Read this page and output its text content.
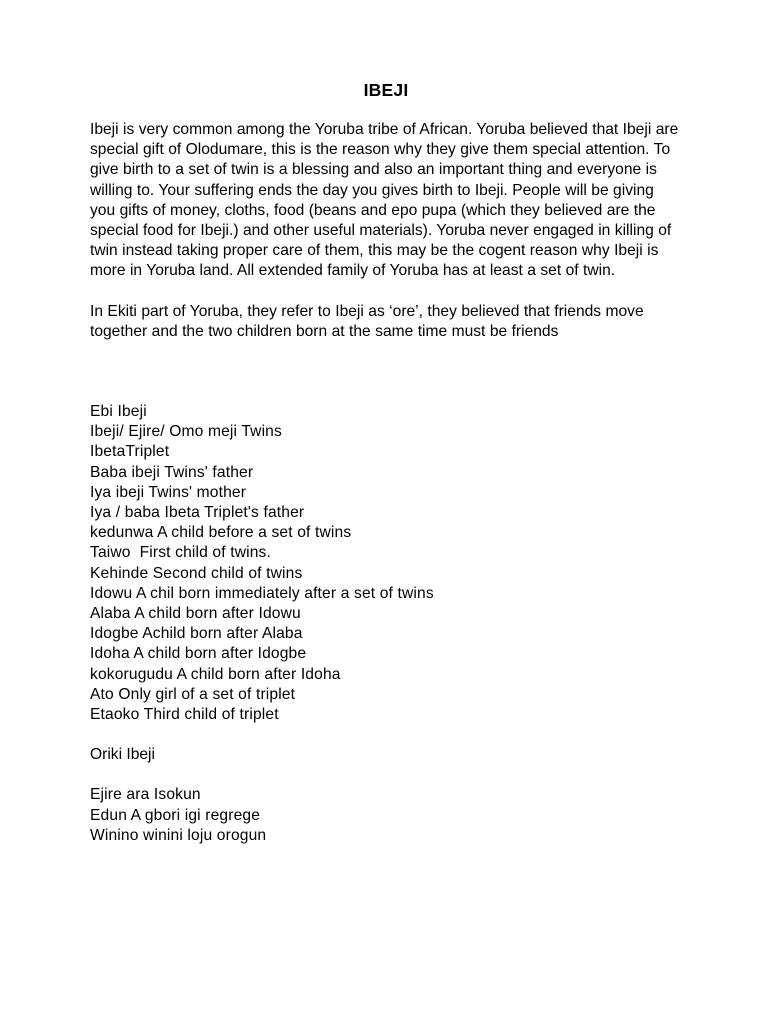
IBEJI

Ibeji is very common among the Yoruba tribe of African. Yoruba believed that Ibeji are special gift of Olodumare, this is the reason why they give them special attention. To give birth to a set of twin is a blessing and also an important thing and everyone is willing to. Your suffering ends the day you gives birth to Ibeji. People will be giving you gifts of money, cloths, food (beans and epo pupa (which they believed are the special food for Ibeji.) and other useful materials). Yoruba never engaged in killing of twin instead taking proper care of them, this may be the cogent reason why Ibeji is more in Yoruba land. All extended family of Yoruba has at least a set of twin.

In Ekiti part of Yoruba, they refer to Ibeji as ‘ore’, they believed that friends move together and the two children born at the same time must be friends

Ebi Ibeji
Ibeji/ Ejire/ Omo meji Twins
IbetaTriplet
Baba ibeji Twins' father
Iya ibeji Twins' mother
Iya / baba Ibeta Triplet's father
kedunwa A child before a set of twins
Taiwo  First child of twins.
Kehinde Second child of twins
Idowu A chil born immediately after a set of twins
Alaba A child born after Idowu
Idogbe Achild born after Alaba
Idoha A child born after Idogbe
kokorugudu A child born after Idoha
Ato Only girl of a set of triplet
Etaoko Third child of triplet
Oriki Ibeji
Ejire ara Isokun
Edun A gbori igi regrege
Winino winini loju orogun
